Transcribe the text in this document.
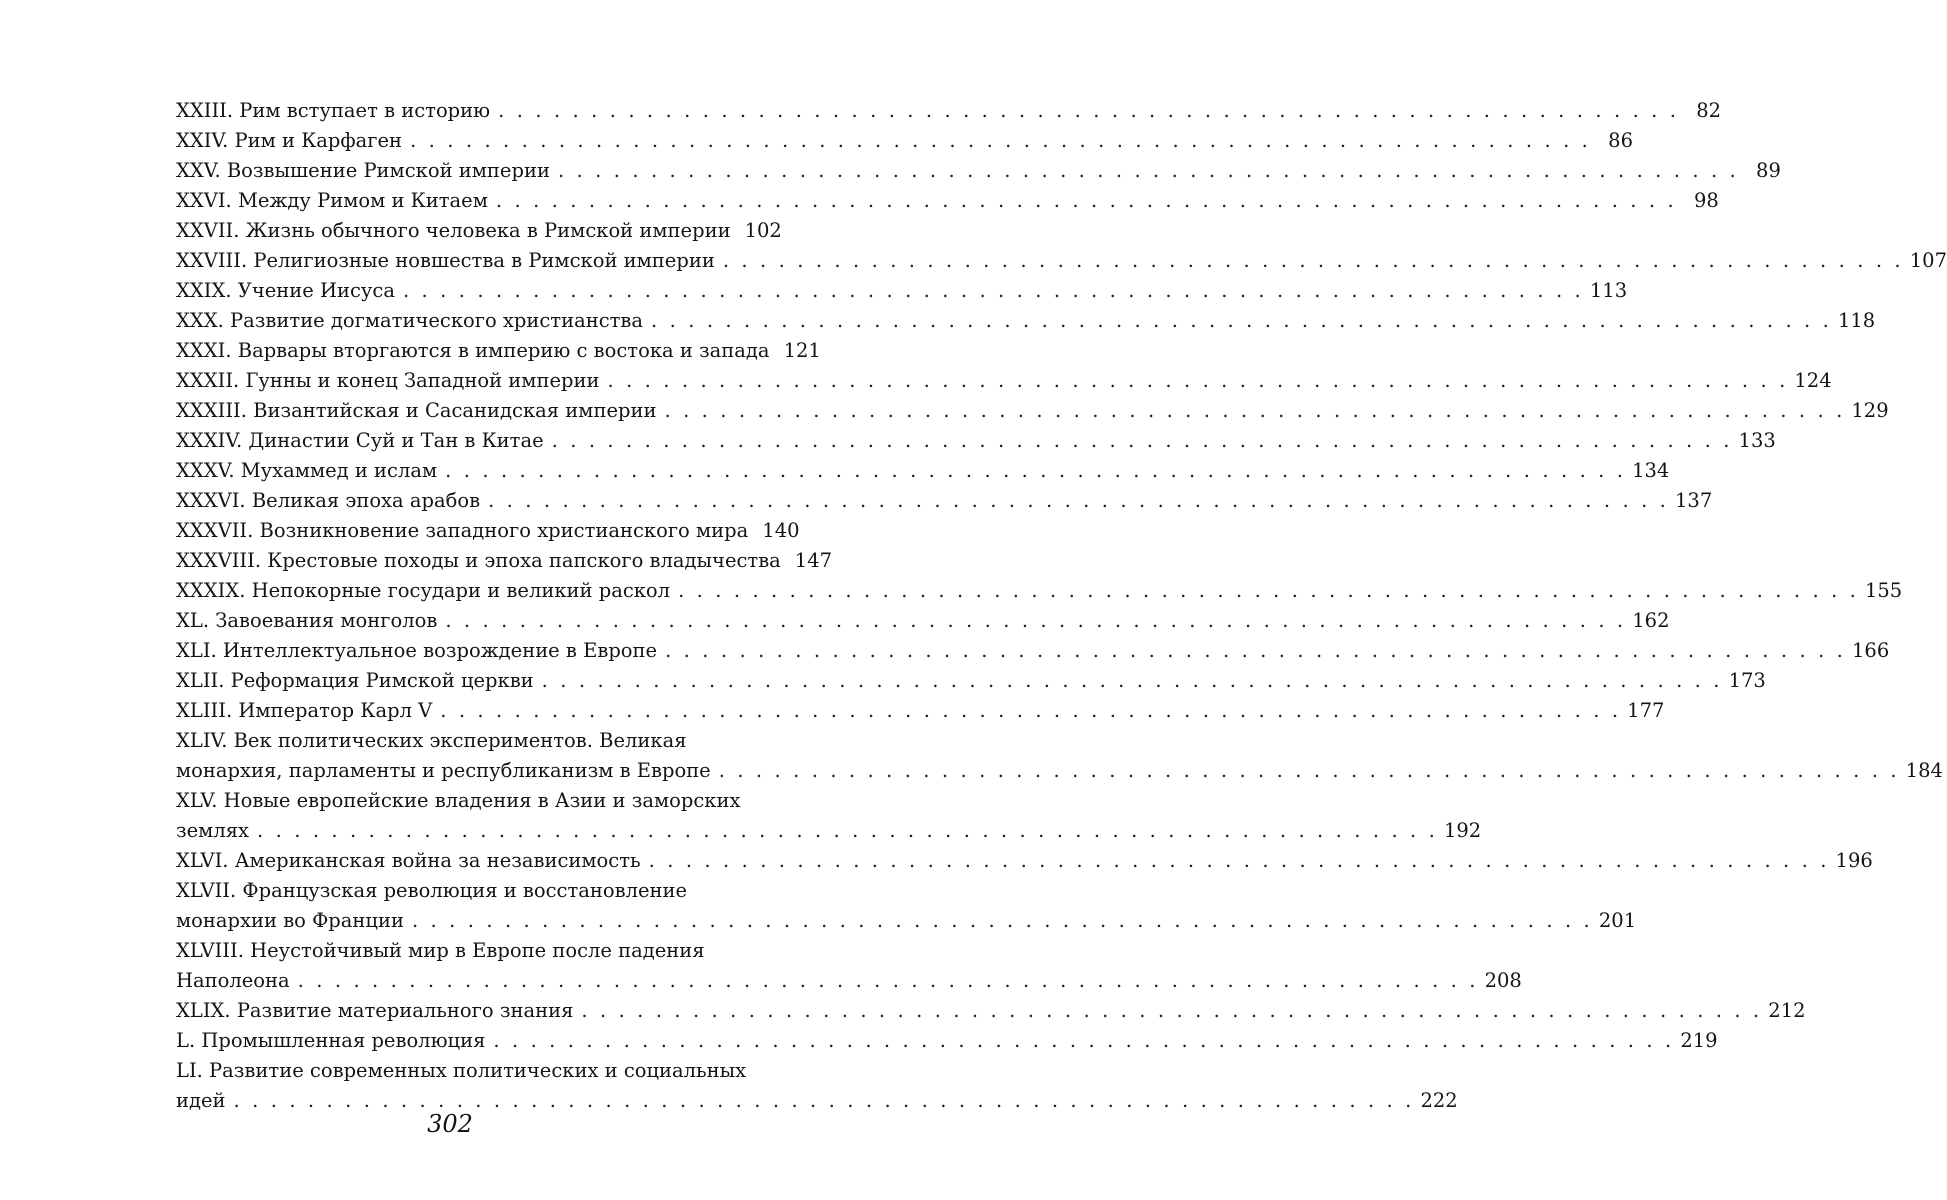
XXIII. Рим вступает в историю . . . . . . . . . . . . . . . . . . . . . . . . . . . . . . . . . . . . . . . . . . . . . . . . . . . . . . . . . . . . . . . . 82
XXIV. Рим и Карфаген . . . . . . . . . . . . . . . . . . . . . . . . . . . . . . . . . . . . . . . . . . . . . . . . . . . . . . . . . . . . . . . . 86
XXV. Возвышение Римской империи . . . . . . . . . . . . . . . . . . . . . . . . . . . . . . . . . . . . . . . . . . . . . . . . . . . . . . . . . . . . . . . . 89
XXVI. Между Римом и Китаем . . . . . . . . . . . . . . . . . . . . . . . . . . . . . . . . . . . . . . . . . . . . . . . . . . . . . . . . . . . . . . . . 98
XXVII. Жизнь обычного человека в Римской империи 102
XXVIII. Религиозные новшества в Римской империи . . . . . . . . . . . . . . . . . . . . . . . . . . . . . . . . . . . . . . . . . . . . . . . . . . . . . . . . . . . . . . . . 107
XXIX. Учение Иисуса . . . . . . . . . . . . . . . . . . . . . . . . . . . . . . . . . . . . . . . . . . . . . . . . . . . . . . . . . . . . . . . . 113
XXX. Развитие догматического христианства . . . . . . . . . . . . . . . . . . . . . . . . . . . . . . . . . . . . . . . . . . . . . . . . . . . . . . . . . . . . . . . . 118
XXXI. Варвары вторгаются в империю с востока и запада 121
XXXII. Гунны и конец Западной империи . . . . . . . . . . . . . . . . . . . . . . . . . . . . . . . . . . . . . . . . . . . . . . . . . . . . . . . . . . . . . . . . 124
XXXIII. Византийская и Сасанидская империи . . . . . . . . . . . . . . . . . . . . . . . . . . . . . . . . . . . . . . . . . . . . . . . . . . . . . . . . . . . . . . . . 129
XXXIV. Династии Суй и Тан в Китае . . . . . . . . . . . . . . . . . . . . . . . . . . . . . . . . . . . . . . . . . . . . . . . . . . . . . . . . . . . . . . . . 133
XXXV. Мухаммед и ислам . . . . . . . . . . . . . . . . . . . . . . . . . . . . . . . . . . . . . . . . . . . . . . . . . . . . . . . . . . . . . . . . 134
XXXVI. Великая эпоха арабов . . . . . . . . . . . . . . . . . . . . . . . . . . . . . . . . . . . . . . . . . . . . . . . . . . . . . . . . . . . . . . . . 137
XXXVII. Возникновение западного христианского мира 140
XXXVIII. Крестовые походы и эпоха папского владычества 147
XXXIX. Непокорные государи и великий раскол . . . . . . . . . . . . . . . . . . . . . . . . . . . . . . . . . . . . . . . . . . . . . . . . . . . . . . . . . . . . . . . . 155
XL. Завоевания монголов . . . . . . . . . . . . . . . . . . . . . . . . . . . . . . . . . . . . . . . . . . . . . . . . . . . . . . . . . . . . . . . . 162
XLI. Интеллектуальное возрождение в Европе . . . . . . . . . . . . . . . . . . . . . . . . . . . . . . . . . . . . . . . . . . . . . . . . . . . . . . . . . . . . . . . . 166
XLII. Реформация Римской церкви . . . . . . . . . . . . . . . . . . . . . . . . . . . . . . . . . . . . . . . . . . . . . . . . . . . . . . . . . . . . . . . . 173
XLIII. Император Карл V . . . . . . . . . . . . . . . . . . . . . . . . . . . . . . . . . . . . . . . . . . . . . . . . . . . . . . . . . . . . . . . . 177
XLIV. Век политических экспериментов. Великая
монархия, парламенты и республиканизм в Европе . . . . . . . . . . . . . . . . . . . . . . . . . . . . . . . . . . . . . . . . . . . . . . . . . . . . . . . . . . . . . . . . 184
XLV. Новые европейские владения в Азии и заморских
землях . . . . . . . . . . . . . . . . . . . . . . . . . . . . . . . . . . . . . . . . . . . . . . . . . . . . . . . . . . . . . . . . 192
XLVI. Американская война за независимость . . . . . . . . . . . . . . . . . . . . . . . . . . . . . . . . . . . . . . . . . . . . . . . . . . . . . . . . . . . . . . . . 196
XLVII. Французская революция и восстановление
монархии во Франции . . . . . . . . . . . . . . . . . . . . . . . . . . . . . . . . . . . . . . . . . . . . . . . . . . . . . . . . . . . . . . . . 201
XLVIII. Неустойчивый мир в Европе после падения
Наполеона . . . . . . . . . . . . . . . . . . . . . . . . . . . . . . . . . . . . . . . . . . . . . . . . . . . . . . . . . . . . . . . . 208
XLIX. Развитие материального знания . . . . . . . . . . . . . . . . . . . . . . . . . . . . . . . . . . . . . . . . . . . . . . . . . . . . . . . . . . . . . . . . 212
L. Промышленная революция . . . . . . . . . . . . . . . . . . . . . . . . . . . . . . . . . . . . . . . . . . . . . . . . . . . . . . . . . . . . . . . . 219
LI. Развитие современных политических и социальных
идей . . . . . . . . . . . . . . . . . . . . . . . . . . . . . . . . . . . . . . . . . . . . . . . . . . . . . . . . . . . . . . . . 222
302
